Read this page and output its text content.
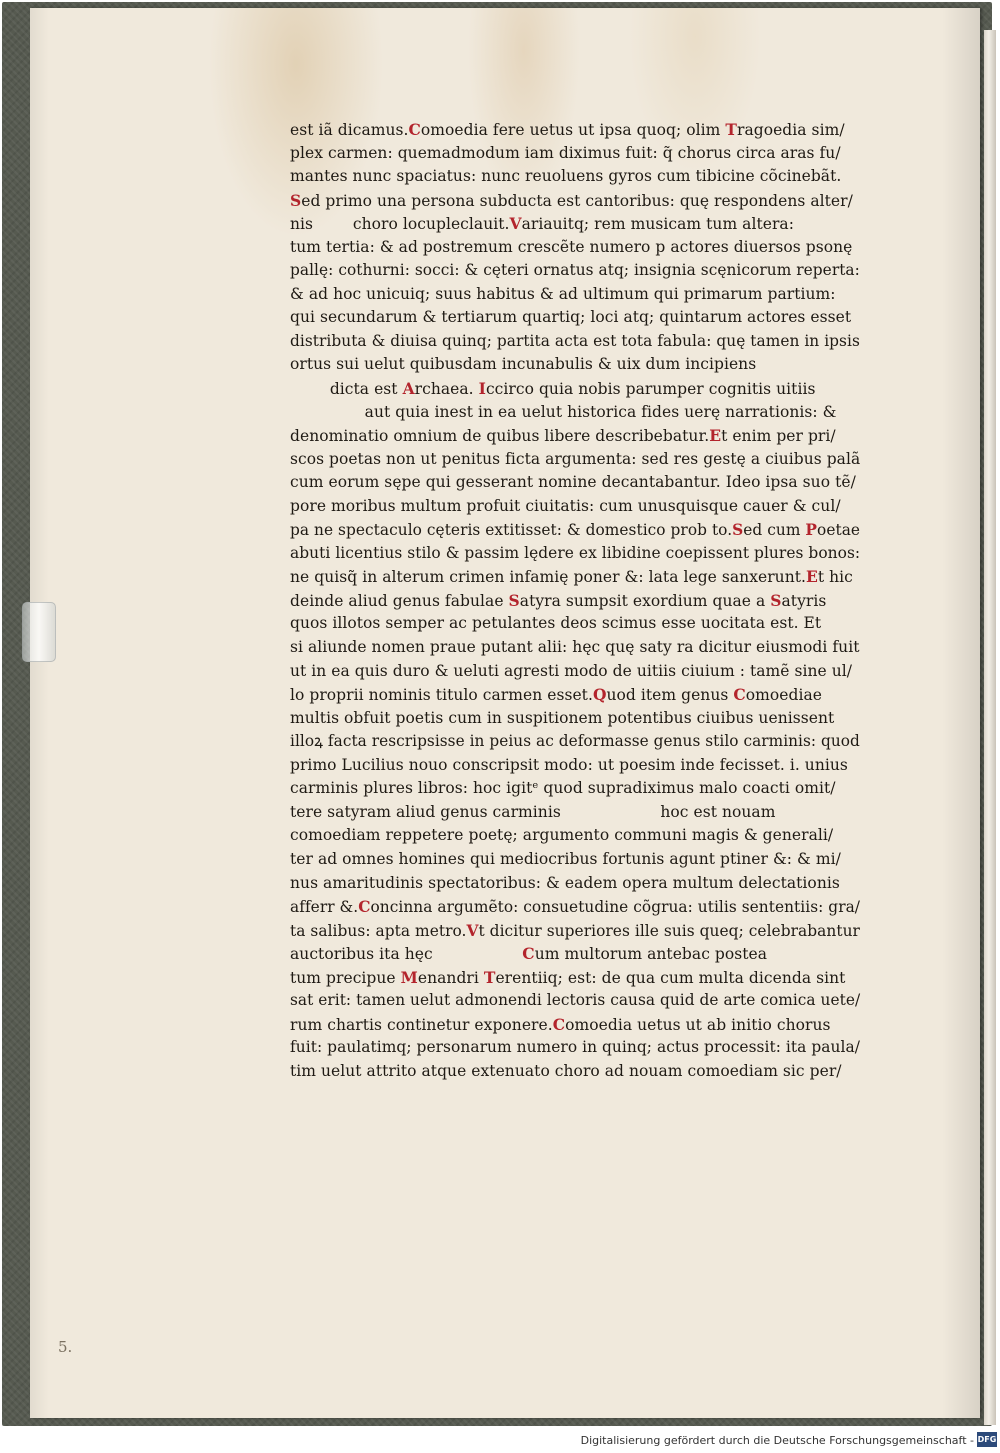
5.
est iã dicamus.Comoedia fere uetus ut ipsa quoq; olim Tragoedia sim/
plex carmen: quemadmodum iam diximus fuit: q̃ chorus circa aras fu/
mantes nunc spaciatus: nunc reuoluens gyros cum tibicine cõcinebãt.
Sed primo una persona subducta est cantoribus: quę respondens alter/
nis        choro locupleclauit.Variauitq; rem musicam tum altera:
tum tertia: & ad postremum crescẽte numero p actores diuersos psonę
pallę: cothurni: socci: & cęteri ornatus atq; insignia scęnicorum reperta:
& ad hoc unicuiq; suus habitus & ad ultimum qui primarum partium:
qui secundarum & tertiarum quartiq; loci atq; quintarum actores esset
distributa & diuisa quinq; partita acta est tota fabula: quę tamen in ipsis
ortus sui uelut quibusdam incunabulis & uix dum incipiens
dicta est Archaea. Iccirco quia nobis parumper cognitis uitiis
aut quia inest in ea uelut historica fides uerę narrationis: &
denominatio omnium de quibus libere describebatur.Et enim per pri/
scos poetas non ut penitus ficta argumenta: sed res gestę a ciuibus palã
cum eorum sępe qui gesserant nomine decantabantur. Ideo ipsa suo tẽ/
pore moribus multum profuit ciuitatis: cum unusquisque cauer & cul/
pa ne spectaculo cęteris extitisset: & domestico prob to.Sed cum Poetae
abuti licentius stilo & passim lędere ex libidine coepissent plures bonos:
ne quisq̃ in alterum crimen infamię poner &: lata lege sanxerunt.Et hic
deinde aliud genus fabulae Satyra sumpsit exordium quae a Satyris
quos illotos semper ac petulantes deos scimus esse uocitata est. Et
si aliunde nomen praue putant alii: hęc quę saty ra dicitur eiusmodi fuit
ut in ea quis duro & ueluti agresti modo de uitiis ciuium : tamẽ sine ul/
lo proprii nominis titulo carmen esset.Quod item genus Comoediae
multis obfuit poetis cum in suspitionem potentibus ciuibus uenissent
illoꝝ facta rescripsisse in peius ac deformasse genus stilo carminis: quod
primo Lucilius nouo conscripsit modo: ut poesim inde fecisset. i. unius
carminis plures libros: hoc igitᵉ quod supradiximus malo coacti omit/
tere satyram aliud genus carminis                    hoc est nouam
comoediam reppetere poetę; argumento communi magis & generali/
ter ad omnes homines qui mediocribus fortunis agunt ptiner &: & mi/
nus amaritudinis spectatoribus: & eadem opera multum delectationis
afferr &.Concinna argumẽto: consuetudine cõgrua: utilis sententiis: gra/
ta salibus: apta metro.Vt dicitur superiores ille suis queq; celebrabantur
auctoribus ita hęc                  Cum multorum antebac postea
tum precipue Menandri Terentiiq; est: de qua cum multa dicenda sint
sat erit: tamen uelut admonendi lectoris causa quid de arte comica uete/
rum chartis continetur exponere.Comoedia uetus ut ab initio chorus
fuit: paulatimq; personarum numero in quinq; actus processit: ita paula/
tim uelut attrito atque extenuato choro ad nouam comoediam sic per/
Digitalisierung gefördert durch die Deutsche Forschungsgemeinschaft - DFG
